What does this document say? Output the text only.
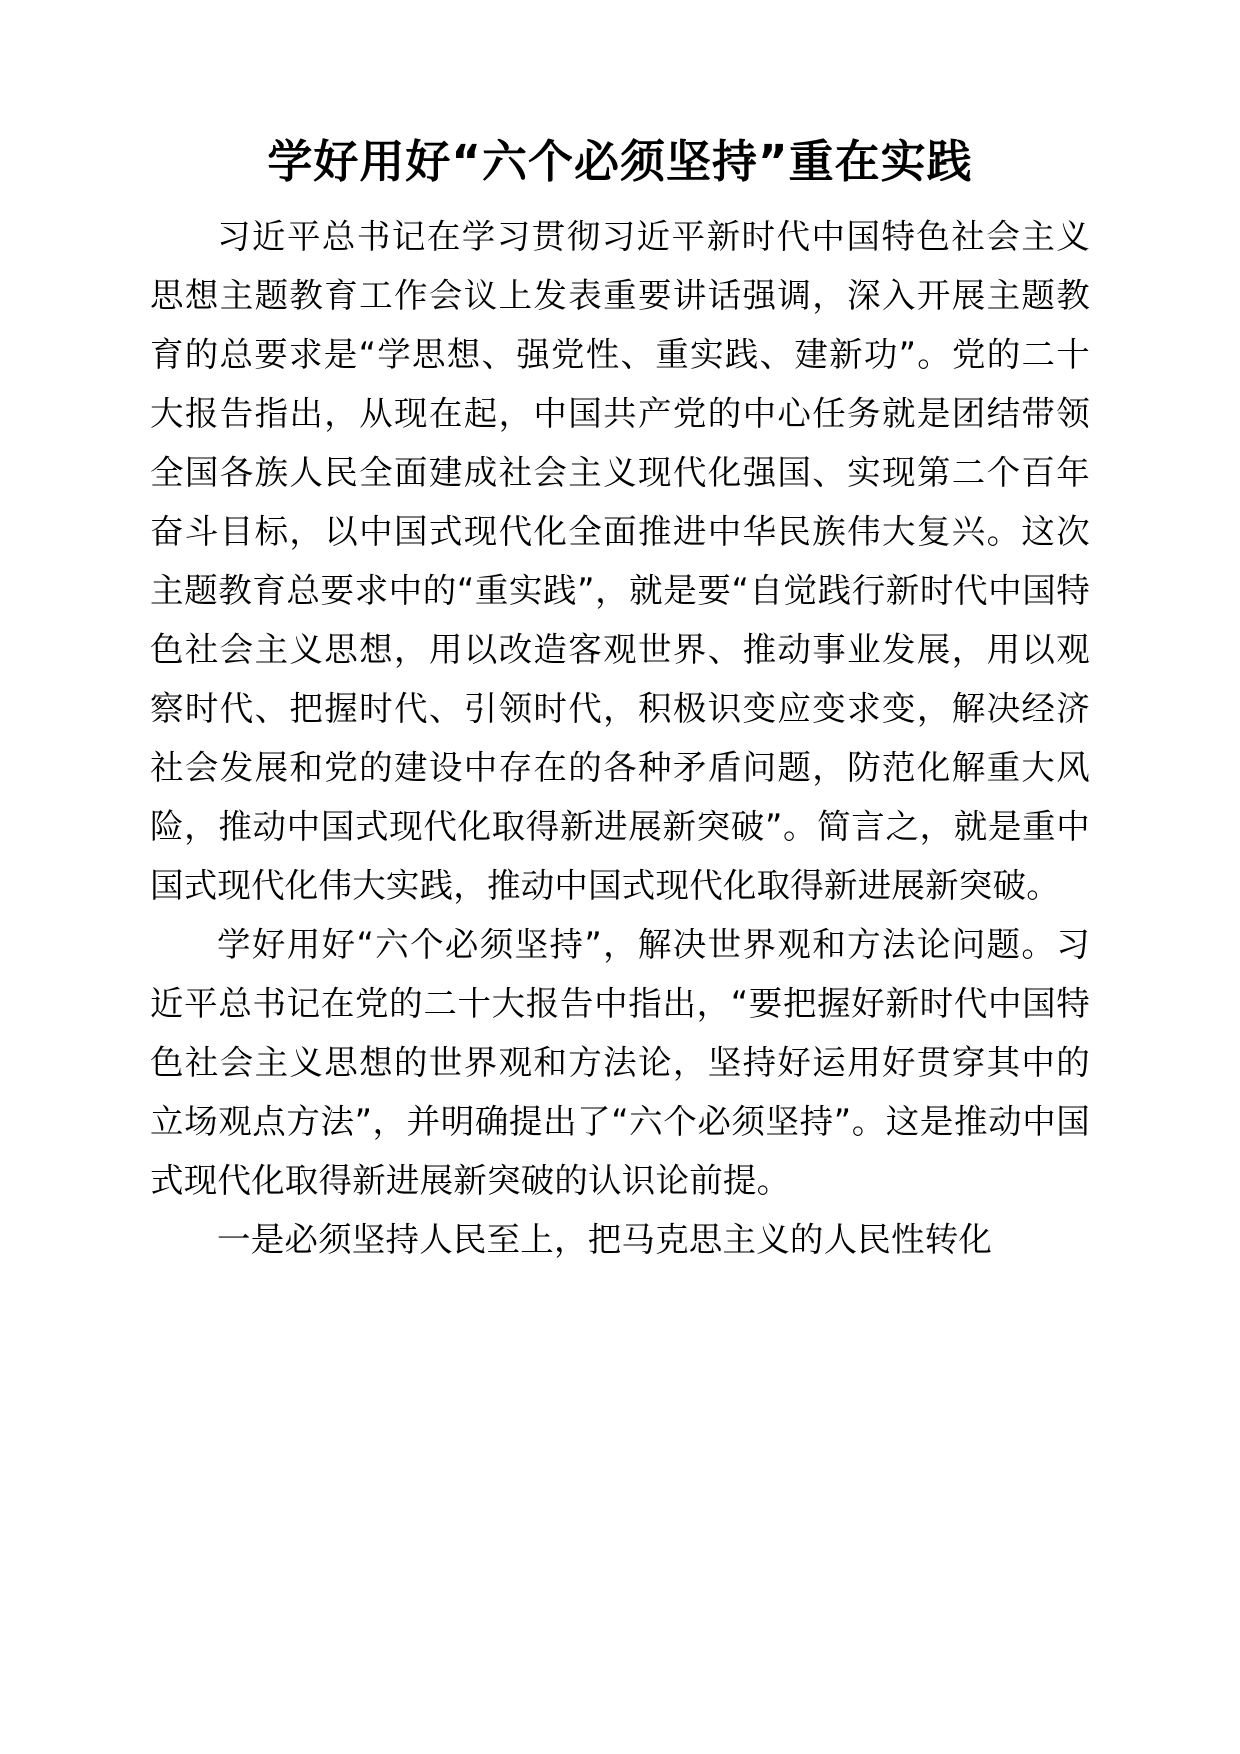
学好用好“六个必须坚持”重在实践

习近平总书记在学习贯彻习近平新时代中国特色社会主义思想主题教育工作会议上发表重要讲话强调，深入开展主题教育的总要求是“学思想、强党性、重实践、建新功”。党的二十大报告指出，从现在起，中国共产党的中心任务就是团结带领全国各族人民全面建成社会主义现代化强国、实现第二个百年奋斗目标，以中国式现代化全面推进中华民族伟大复兴。这次主题教育总要求中的“重实践”，就是要“自觉践行新时代中国特色社会主义思想，用以改造客观世界、推动事业发展，用以观察时代、把握时代、引领时代，积极识变应变求变，解决经济社会发展和党的建设中存在的各种矛盾问题，防范化解重大风险，推动中国式现代化取得新进展新突破”。简言之，就是重中国式现代化伟大实践，推动中国式现代化取得新进展新突破。

学好用好“六个必须坚持”，解决世界观和方法论问题。习近平总书记在党的二十大报告中指出，“要把握好新时代中国特色社会主义思想的世界观和方法论，坚持好运用好贯穿其中的立场观点方法”，并明确提出了“六个必须坚持”。这是推动中国式现代化取得新进展新突破的认识论前提。

一是必须坚持人民至上，把马克思主义的人民性转化
